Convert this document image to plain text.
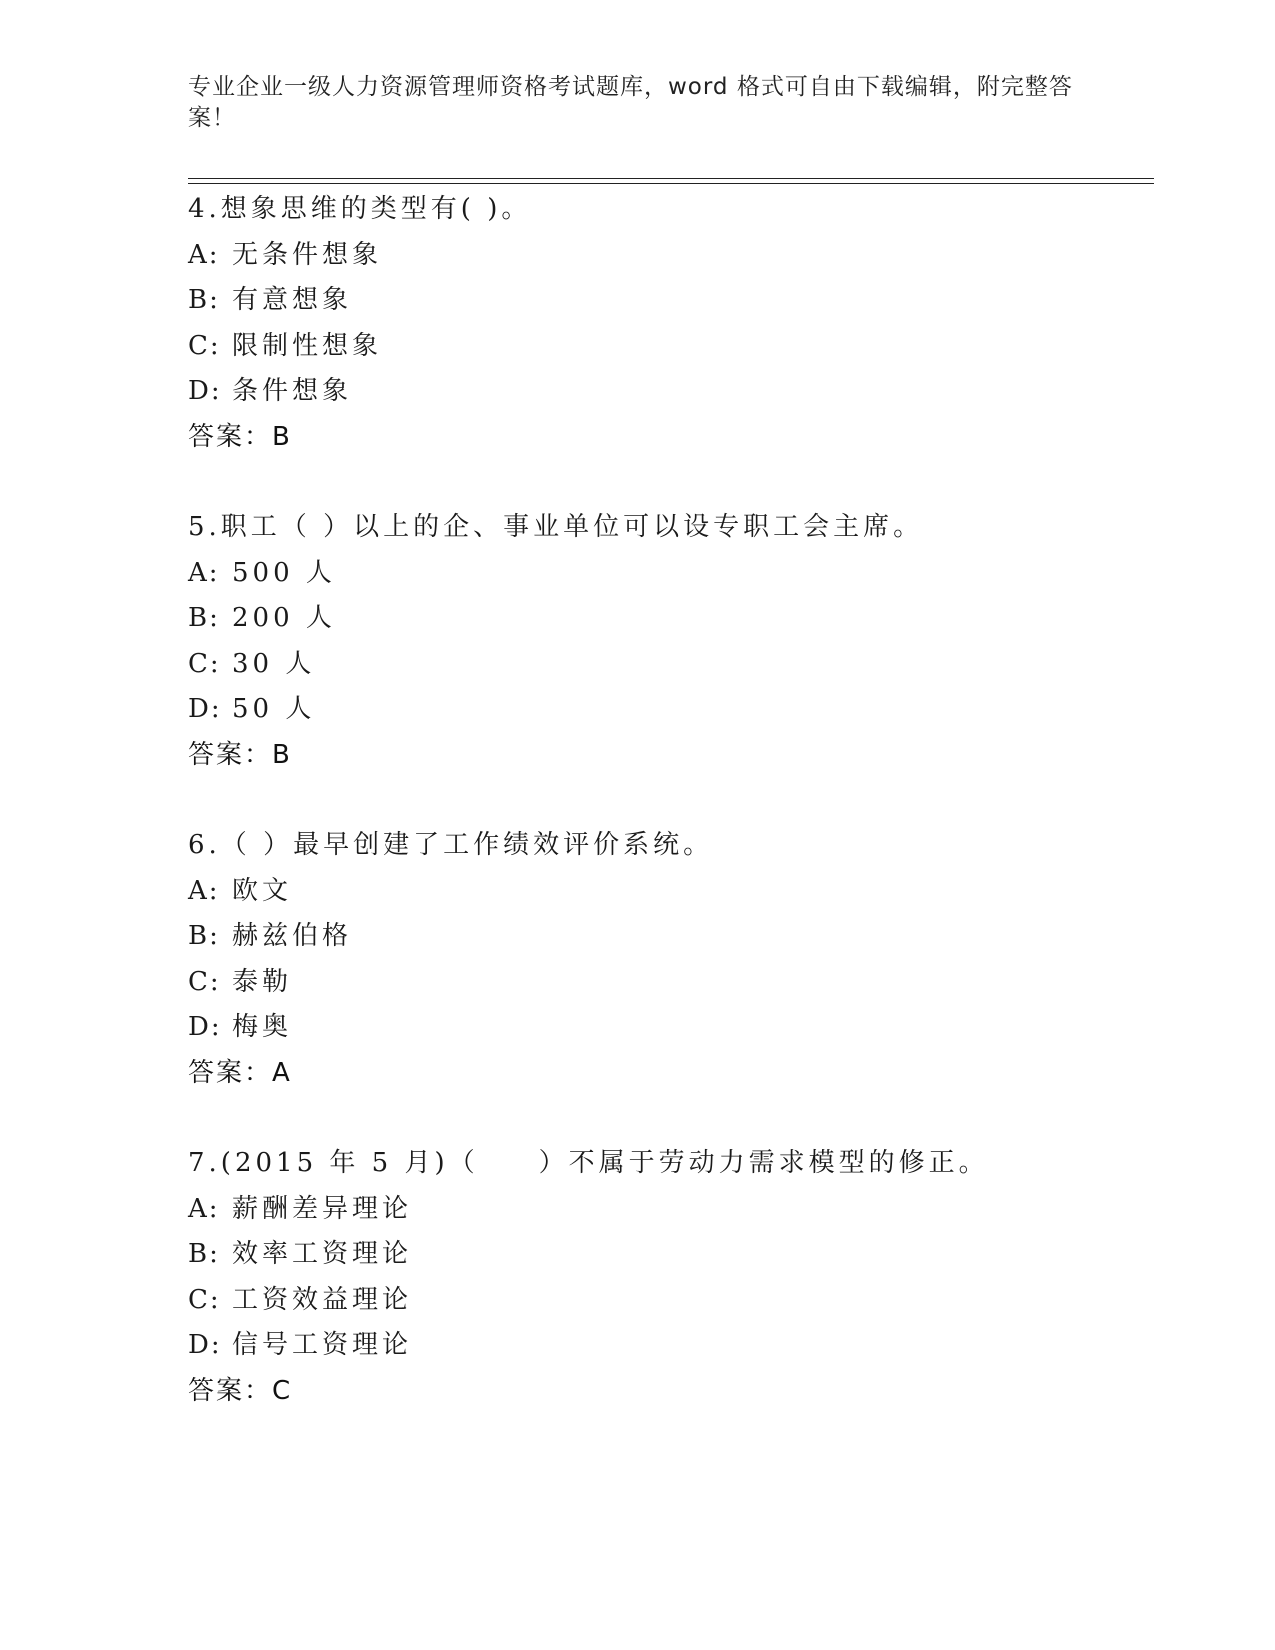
专业企业一级人力资源管理师资格考试题库，word 格式可自由下载编辑，附完整答案！
4.想象思维的类型有( )。
A: 无条件想象
B: 有意想象
C: 限制性想象
D: 条件想象
答案：B
5.职工（ ）以上的企、事业单位可以设专职工会主席。
A: 500 人
B: 200 人
C: 30 人
D: 50 人
答案：B
6.（ ）最早创建了工作绩效评价系统。
A: 欧文
B: 赫兹伯格
C: 泰勒
D: 梅奥
答案：A
7.(2015 年 5 月)（　　）不属于劳动力需求模型的修正。
A: 薪酬差异理论
B: 效率工资理论
C: 工资效益理论
D: 信号工资理论
答案：C
